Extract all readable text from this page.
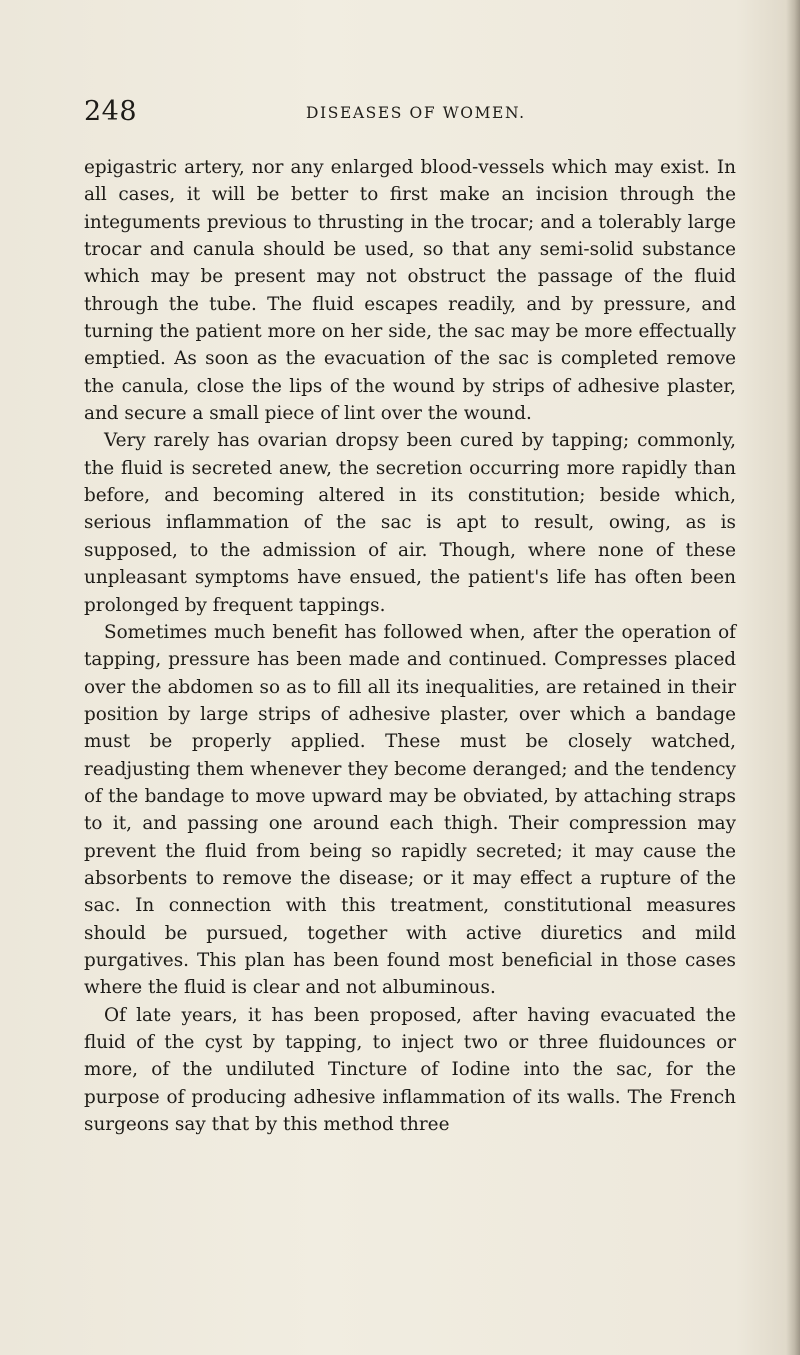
248	DISEASES OF WOMEN.

epigastric artery, nor any enlarged blood-vessels which may exist. In all cases, it will be better to first make an incision through the integuments previous to thrusting in the trocar; and a tolerably large trocar and canula should be used, so that any semi-solid substance which may be present may not obstruct the passage of the fluid through the tube. The fluid escapes readily, and by pressure, and turning the patient more on her side, the sac may be more effectually emptied. As soon as the evacuation of the sac is completed remove the canula, close the lips of the wound by strips of adhesive plaster, and secure a small piece of lint over the wound.

Very rarely has ovarian dropsy been cured by tapping; commonly, the fluid is secreted anew, the secretion occurring more rapidly than before, and becoming altered in its constitution; beside which, serious inflammation of the sac is apt to result, owing, as is supposed, to the admission of air. Though, where none of these unpleasant symptoms have ensued, the patient's life has often been prolonged by frequent tappings.

Sometimes much benefit has followed when, after the operation of tapping, pressure has been made and continued. Compresses placed over the abdomen so as to fill all its inequalities, are retained in their position by large strips of adhesive plaster, over which a bandage must be properly applied. These must be closely watched, readjusting them whenever they become deranged; and the tendency of the bandage to move upward may be obviated, by attaching straps to it, and passing one around each thigh. Their compression may prevent the fluid from being so rapidly secreted; it may cause the absorbents to remove the disease; or it may effect a rupture of the sac. In connection with this treatment, constitutional measures should be pursued, together with active diuretics and mild purgatives. This plan has been found most beneficial in those cases where the fluid is clear and not albuminous.

Of late years, it has been proposed, after having evacuated the fluid of the cyst by tapping, to inject two or three fluidounces or more, of the undiluted Tincture of Iodine into the sac, for the purpose of producing adhesive inflammation of its walls. The French surgeons say that by this method three
